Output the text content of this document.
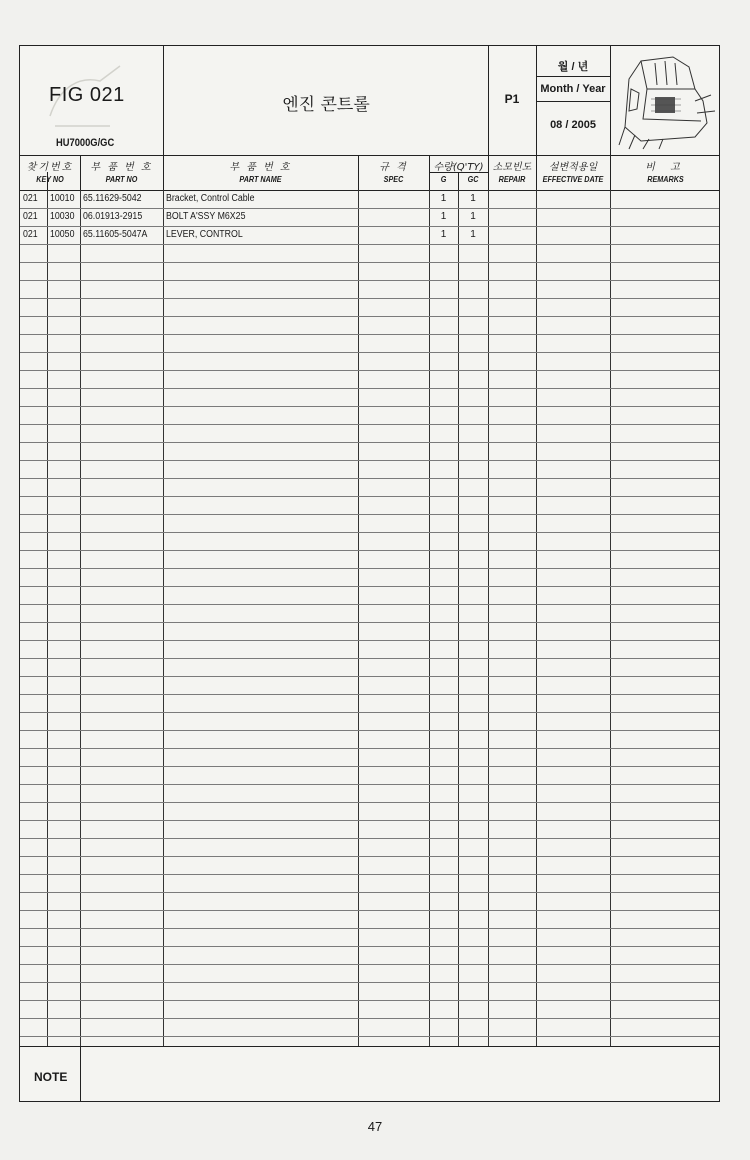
FIG 021
HU7000G/GC
엔진 콘트롤	P1
월 / 년
Month / Year
08 / 2005
찾기번호
KEY NO
부 품 번 호
PART NO
부 품 번 호
PART NAME
규 격
SPEC
수량(Q'TY)
G	GC
소모빈도
REPAIR
설변적용일
EFFECTIVE DATE
비 고
REMARKS
021 10010 65.11629-5042 Bracket, Control Cable	1	1
021 10030 06.01913-2915 BOLT A'SSY M6X25	1	1
021 10050 65.11605-5047A LEVER, CONTROL	1	1
NOTE
47
